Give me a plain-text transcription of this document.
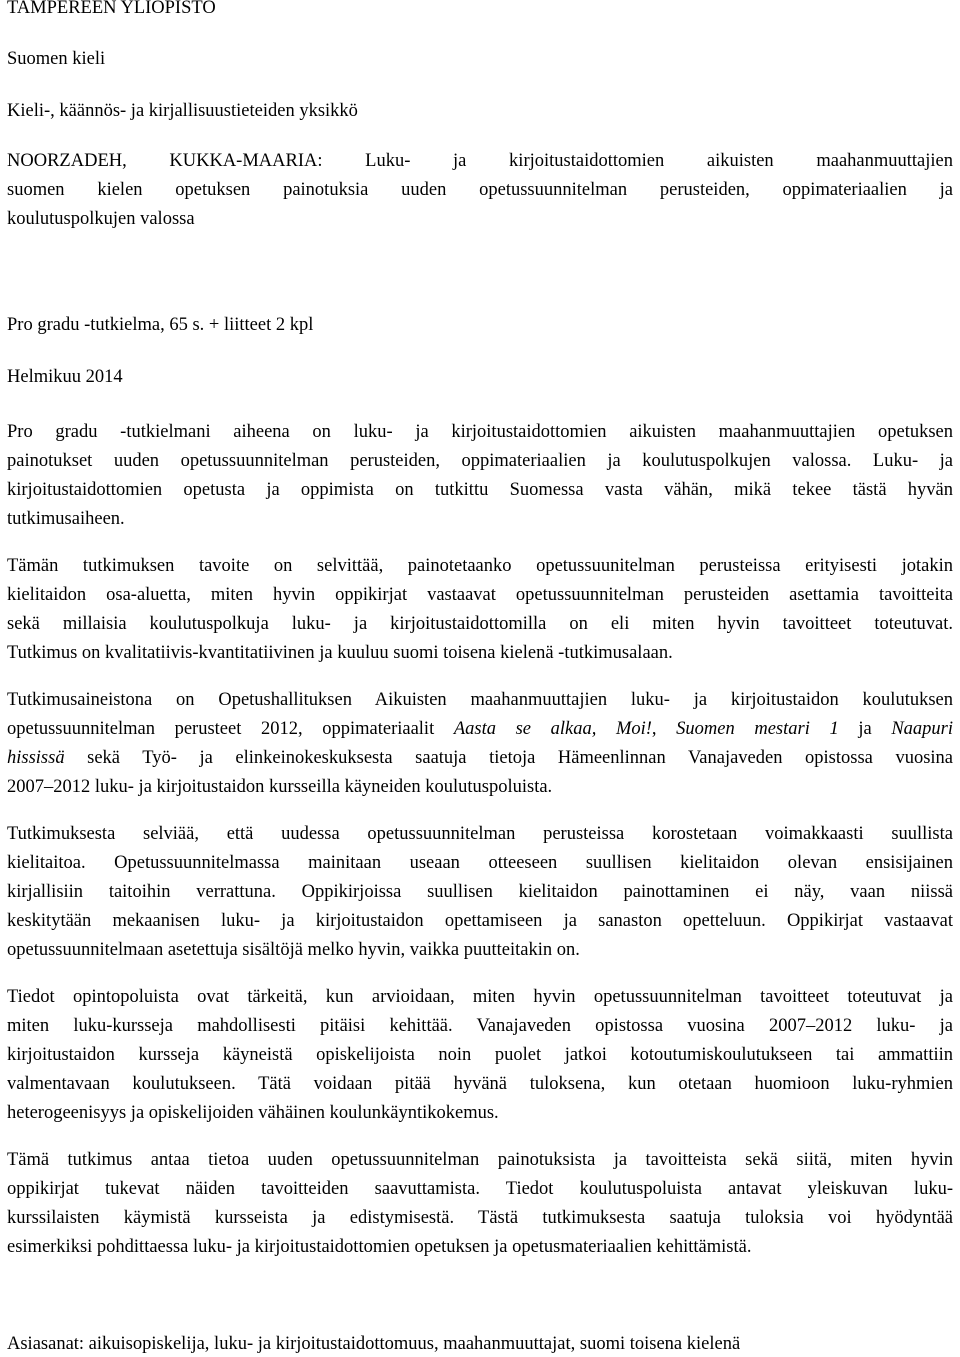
TAMPEREEN YLIOPISTO
Suomen kieli
Kieli-, käännös- ja kirjallisuustieteiden yksikkö
NOORZADEH, KUKKA-MAARIA: Luku- ja kirjoitustaidottomien aikuisten maahanmuuttajien
suomen kielen opetuksen painotuksia uuden opetussuunnitelman perusteiden, oppimateriaalien ja
koulutuspolkujen valossa
Pro gradu -tutkielma, 65 s. + liitteet 2 kpl
Helmikuu 2014
Pro gradu -tutkielmani aiheena on luku- ja kirjoitustaidottomien aikuisten maahanmuuttajien opetuksen
painotukset uuden opetussuunnitelman perusteiden, oppimateriaalien ja koulutuspolkujen valossa. Luku- ja
kirjoitustaidottomien opetusta ja oppimista on tutkittu Suomessa vasta vähän, mikä tekee tästä hyvän
tutkimusaiheen.
Tämän tutkimuksen tavoite on selvittää, painotetaanko opetussuunitelman perusteissa erityisesti jotakin
kielitaidon osa-aluetta, miten hyvin oppikirjat vastaavat opetussuunnitelman perusteiden asettamia tavoitteita
sekä millaisia koulutuspolkuja luku- ja kirjoitustaidottomilla on eli miten hyvin tavoitteet toteutuvat.
Tutkimus on kvalitatiivis-kvantitatiivinen ja kuuluu suomi toisena kielenä -tutkimusalaan.
Tutkimusaineistona on Opetushallituksen Aikuisten maahanmuuttajien luku- ja kirjoitustaidon koulutuksen
opetussuunnitelman perusteet 2012, oppimateriaalit Aasta se alkaa, Moi!, Suomen mestari 1 ja Naapuri
hississä sekä Työ- ja elinkeinokeskuksesta saatuja tietoja Hämeenlinnan Vanajaveden opistossa vuosina
2007–2012 luku- ja kirjoitustaidon kursseilla käyneiden koulutuspoluista.
Tutkimuksesta selviää, että uudessa opetussuunnitelman perusteissa korostetaan voimakkaasti suullista
kielitaitoa. Opetussuunnitelmassa mainitaan useaan otteeseen suullisen kielitaidon olevan ensisijainen
kirjallisiin taitoihin verrattuna. Oppikirjoissa suullisen kielitaidon painottaminen ei näy, vaan niissä
keskitytään mekaanisen luku- ja kirjoitustaidon opettamiseen ja sanaston opetteluun. Oppikirjat vastaavat
opetussuunnitelmaan asetettuja sisältöjä melko hyvin, vaikka puutteitakin on.
Tiedot opintopoluista ovat tärkeitä, kun arvioidaan, miten hyvin opetussuunnitelman tavoitteet toteutuvat ja
miten luku-kursseja mahdollisesti pitäisi kehittää. Vanajaveden opistossa vuosina 2007–2012 luku- ja
kirjoitustaidon kursseja käyneistä opiskelijoista noin puolet jatkoi kotoutumiskoulutukseen tai ammattiin
valmentavaan koulutukseen. Tätä voidaan pitää hyvänä tuloksena, kun otetaan huomioon luku-ryhmien
heterogeenisyys ja opiskelijoiden vähäinen koulunkäyntikokemus.
Tämä tutkimus antaa tietoa uuden opetussuunnitelman painotuksista ja tavoitteista sekä siitä, miten hyvin
oppikirjat tukevat näiden tavoitteiden saavuttamista. Tiedot koulutuspoluista antavat yleiskuvan luku-
kurssilaisten käymistä kursseista ja edistymisestä. Tästä tutkimuksesta saatuja tuloksia voi hyödyntää
esimerkiksi pohdittaessa luku- ja kirjoitustaidottomien opetuksen ja opetusmateriaalien kehittämistä.
Asiasanat: aikuisopiskelija, luku- ja kirjoitustaidottomuus, maahanmuuttajat, suomi toisena kielenä
